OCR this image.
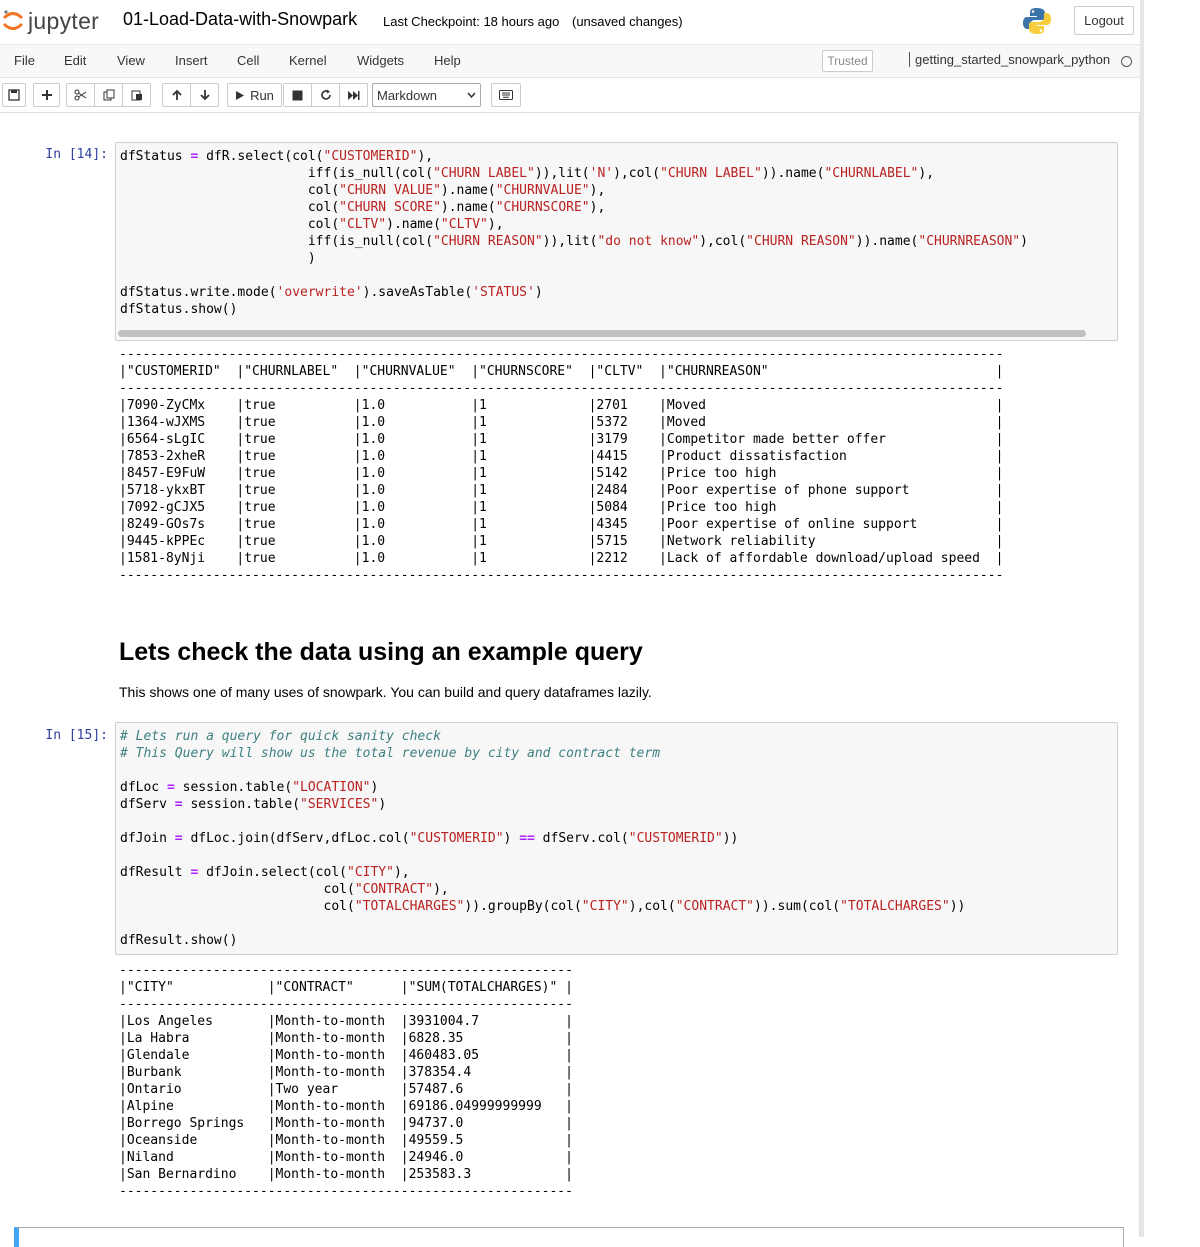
jupyter 01-Load-Data-with-Snowpark Last Checkpoint: 18 hours ago (unsaved changes)	Logout
File Edit View Insert Cell Kernel Widgets Help	Trusted	getting_started_snowpark_python
Run	Markdown
In [14]: dfStatus = dfR.select(col("CUSTOMERID"),
iff(is_null(col("CHURN LABEL")),lit('N'),col("CHURN LABEL")).name("CHURNLABEL"),
col("CHURN VALUE").name("CHURNVALUE"),
col("CHURN SCORE").name("CHURNSCORE"),
col("CLTV").name("CLTV"),
iff(is_null(col("CHURN REASON")),lit("do not know"),col("CHURN REASON")).name("CHURNREASON")
)

dfStatus.write.mode('overwrite').saveAsTable('STATUS')
dfStatus.show()
-----------------------------------------------------------------------------------------------------------------
|"CUSTOMERID"  |"CHURNLABEL"  |"CHURNVALUE"  |"CHURNSCORE"  |"CLTV"  |"CHURNREASON"                             |
-----------------------------------------------------------------------------------------------------------------
|7090-ZyCMx    |true          |1.0           |1             |2701    |Moved                                     |
|1364-wJXMS    |true          |1.0           |1             |5372    |Moved                                     |
|6564-sLgIC    |true          |1.0           |1             |3179    |Competitor made better offer              |
|7853-2xheR    |true          |1.0           |1             |4415    |Product dissatisfaction                   |
|8457-E9FuW    |true          |1.0           |1             |5142    |Price too high                            |
|5718-ykxBT    |true          |1.0           |1             |2484    |Poor expertise of phone support           |
|7092-gCJX5    |true          |1.0           |1             |5084    |Price too high                            |
|8249-GOs7s    |true          |1.0           |1             |4345    |Poor expertise of online support          |
|9445-kPPEc    |true          |1.0           |1             |5715    |Network reliability                       |
|1581-8yNji    |true          |1.0           |1             |2212    |Lack of affordable download/upload speed  |
-----------------------------------------------------------------------------------------------------------------
Lets check the data using an example query
This shows one of many uses of snowpark. You can build and query dataframes lazily.
In [15]: # Lets run a query for quick sanity check
# This Query will show us the total revenue by city and contract term

dfLoc = session.table("LOCATION")
dfServ = session.table("SERVICES")

dfJoin = dfLoc.join(dfServ,dfLoc.col("CUSTOMERID") == dfServ.col("CUSTOMERID"))

dfResult = dfJoin.select(col("CITY"),
col("CONTRACT"),
col("TOTALCHARGES")).groupBy(col("CITY"),col("CONTRACT")).sum(col("TOTALCHARGES"))

dfResult.show()
----------------------------------------------------------
|"CITY"            |"CONTRACT"      |"SUM(TOTALCHARGES)" |
----------------------------------------------------------
|Los Angeles       |Month-to-month  |3931004.7           |
|La Habra          |Month-to-month  |6828.35             |
|Glendale          |Month-to-month  |460483.05           |
|Burbank           |Month-to-month  |378354.4            |
|Ontario           |Two year        |57487.6             |
|Alpine            |Month-to-month  |69186.04999999999   |
|Borrego Springs   |Month-to-month  |94737.0             |
|Oceanside         |Month-to-month  |49559.5             |
|Niland            |Month-to-month  |24946.0             |
|San Bernardino    |Month-to-month  |253583.3            |
----------------------------------------------------------
